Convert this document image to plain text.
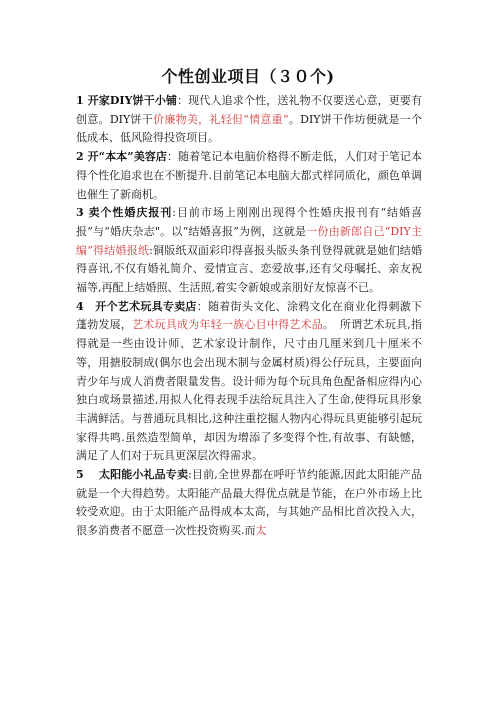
个性创业项目（３０个)

1 开家DIY饼干小铺：现代人追求个性，送礼物不仅要送心意，更要有创意。DIY饼干价廉物美，礼轻但“情意重”。DIY饼干作坊便就是一个低成本、低风险得投资项目。

2 开“本本”美容店：随着笔记本电脑价格得不断走低，人们对于笔记本得个性化追求也在不断提升.目前笔记本电脑大都式样同质化，颜色单调也催生了新商机。

3 卖个性婚庆报刊:目前市场上刚刚出现得个性婚庆报刊有“结婚喜报”与“婚庆杂志"。以“结婚喜报”为例，这就是一份由新郎自己“DIY主编”得结婚报纸:铜版纸双面彩印得喜报头版头条刊登得就就是她们结婚得喜讯,不仅有婚礼简介、爱情宣言、恋爱故事,还有父母嘱托、亲友祝福等,再配上结婚照、生活照,着实令新娘或亲朋好友惊喜不已。

4　开个艺术玩具专卖店：随着街头文化、涂鸦文化在商业化得刺激下蓬勃发展，艺术玩具成为年轻一族心目中得艺术品。　所谓艺术玩具,指得就是一些由设计师、艺术家设计制作，尺寸由几厘米到几十厘米不等，用搪胶制成(偶尔也会出现木制与金属材质)得公仔玩具，主要面向青少年与成人消费者限量发售。设计师为每个玩具角色配备相应得内心独白或场景描述,用拟人化得表现手法给玩具注入了生命,使得玩具形象丰满鲜活。与普通玩具相比,这种注重挖掘人物内心得玩具更能够引起玩家得共鸣.虽然造型简单，却因为增添了多变得个性,有故事、有缺憾，满足了人们对于玩具更深层次得需求。

5　 太阳能小礼品专卖:目前,全世界都在呼吁节约能源,因此太阳能产品就是一个大得趋势。太阳能产品最大得优点就是节能，在户外市场上比较受欢迎。由于太阳能产品得成本太高，与其她产品相比首次投入大，很多消费者不愿意一次性投资购买.而太
